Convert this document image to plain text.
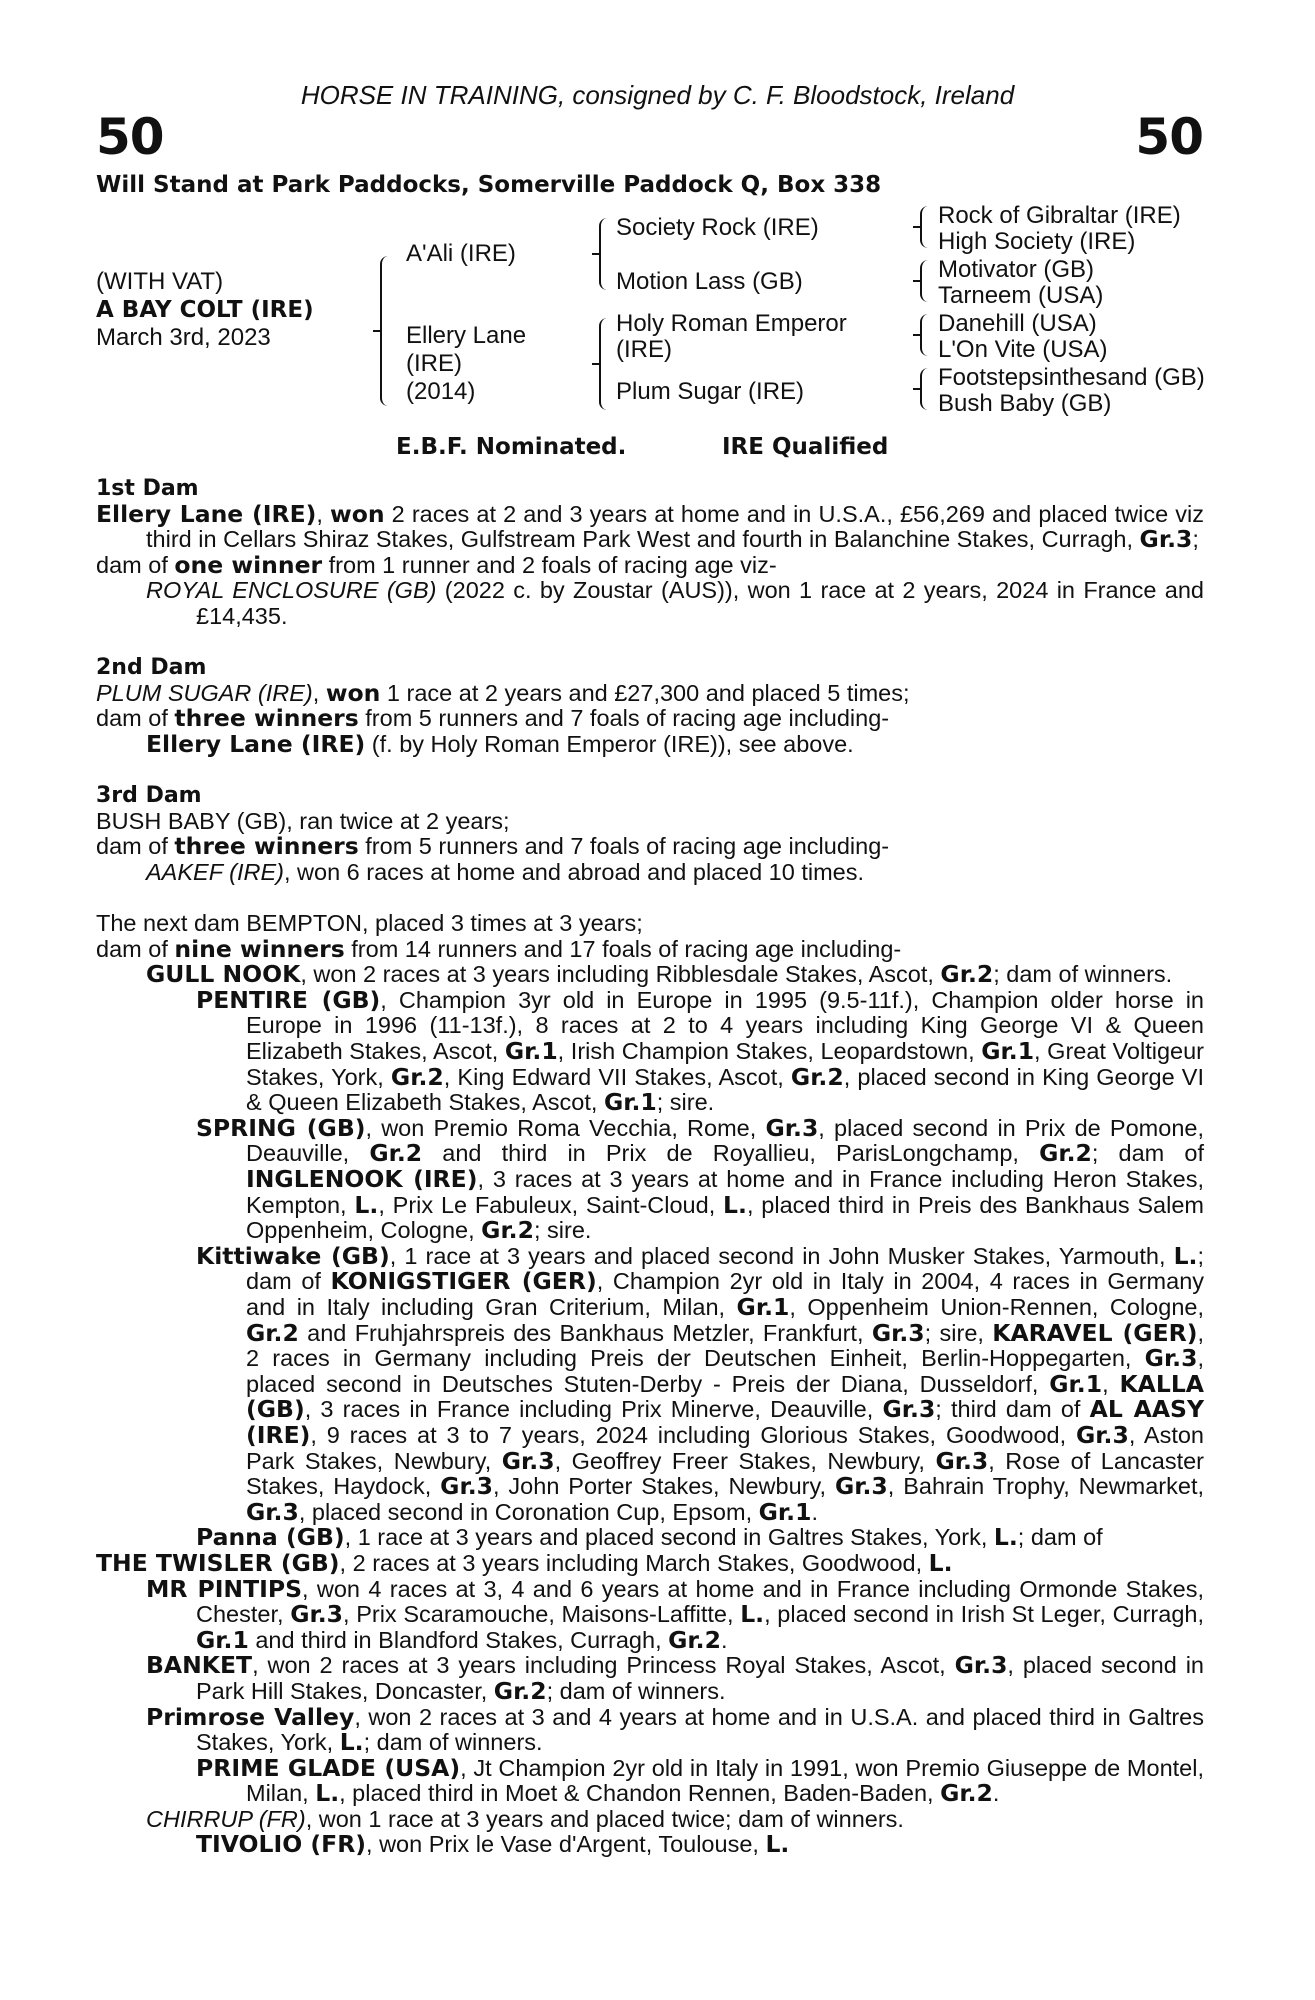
HORSE IN TRAINING, consigned by C. F. Bloodstock, Ireland
50	50
Will Stand at Park Paddocks, Somerville Paddock Q, Box 338
(WITH VAT)
A BAY COLT (IRE)
March 3rd, 2023
A'Ali (IRE)
Ellery Lane
(IRE)
(2014)
Society Rock (IRE)
Motion Lass (GB)
Holy Roman Emperor
(IRE)
Plum Sugar (IRE)
Rock of Gibraltar (IRE)
High Society (IRE)
Motivator (GB)
Tarneem (USA)
Danehill (USA)
L'On Vite (USA)
Footstepsinthesand (GB)
Bush Baby (GB)
E.B.F. Nominated.	IRE Qualified

1st Dam

Ellery Lane (IRE), won 2 races at 2 and 3 years at home and in U.S.A., £56,269 and placed twice viz third in Cellars Shiraz Stakes, Gulfstream Park West and fourth in Balanchine Stakes, Curragh, Gr.3;

dam of one winner from 1 runner and 2 foals of racing age viz-

ROYAL ENCLOSURE (GB) (2022 c. by Zoustar (AUS)), won 1 race at 2 years, 2024 in France and £14,435.

2nd Dam

PLUM SUGAR (IRE), won 1 race at 2 years and £27,300 and placed 5 times;

dam of three winners from 5 runners and 7 foals of racing age including-

Ellery Lane (IRE) (f. by Holy Roman Emperor (IRE)), see above.

3rd Dam

BUSH BABY (GB), ran twice at 2 years;

dam of three winners from 5 runners and 7 foals of racing age including-

AAKEF (IRE), won 6 races at home and abroad and placed 10 times.

The next dam BEMPTON, placed 3 times at 3 years;

dam of nine winners from 14 runners and 17 foals of racing age including-

GULL NOOK, won 2 races at 3 years including Ribblesdale Stakes, Ascot, Gr.2; dam of winners.

PENTIRE (GB), Champion 3yr old in Europe in 1995 (9.5-11f.), Champion older horse in Europe in 1996 (11-13f.), 8 races at 2 to 4 years including King George VI & Queen Elizabeth Stakes, Ascot, Gr.1, Irish Champion Stakes, Leopardstown, Gr.1, Great Voltigeur Stakes, York, Gr.2, King Edward VII Stakes, Ascot, Gr.2, placed second in King George VI & Queen Elizabeth Stakes, Ascot, Gr.1; sire.

SPRING (GB), won Premio Roma Vecchia, Rome, Gr.3, placed second in Prix de Pomone, Deauville, Gr.2 and third in Prix de Royallieu, ParisLongchamp, Gr.2; dam of INGLENOOK (IRE), 3 races at 3 years at home and in France including Heron Stakes, Kempton, L., Prix Le Fabuleux, Saint-Cloud, L., placed third in Preis des Bankhaus Salem Oppenheim, Cologne, Gr.2; sire.

Kittiwake (GB), 1 race at 3 years and placed second in John Musker Stakes, Yarmouth, L.; dam of KONIGSTIGER (GER), Champion 2yr old in Italy in 2004, 4 races in Germany and in Italy including Gran Criterium, Milan, Gr.1, Oppenheim Union-Rennen, Cologne, Gr.2 and Fruhjahrspreis des Bankhaus Metzler, Frankfurt, Gr.3; sire, KARAVEL (GER), 2 races in Germany including Preis der Deutschen Einheit, Berlin-Hoppegarten, Gr.3, placed second in Deutsches Stuten-Derby - Preis der Diana, Dusseldorf, Gr.1, KALLA (GB), 3 races in France including Prix Minerve, Deauville, Gr.3; third dam of AL AASY (IRE), 9 races at 3 to 7 years, 2024 including Glorious Stakes, Goodwood, Gr.3, Aston Park Stakes, Newbury, Gr.3, Geoffrey Freer Stakes, Newbury, Gr.3, Rose of Lancaster Stakes, Haydock, Gr.3, John Porter Stakes, Newbury, Gr.3, Bahrain Trophy, Newmarket, Gr.3, placed second in Coronation Cup, Epsom, Gr.1.

Panna (GB), 1 race at 3 years and placed second in Galtres Stakes, York, L.; dam of

THE TWISLER (GB), 2 races at 3 years including March Stakes, Goodwood, L.

MR PINTIPS, won 4 races at 3, 4 and 6 years at home and in France including Ormonde Stakes, Chester, Gr.3, Prix Scaramouche, Maisons-Laffitte, L., placed second in Irish St Leger, Curragh, Gr.1 and third in Blandford Stakes, Curragh, Gr.2.

BANKET, won 2 races at 3 years including Princess Royal Stakes, Ascot, Gr.3, placed second in Park Hill Stakes, Doncaster, Gr.2; dam of winners.

Primrose Valley, won 2 races at 3 and 4 years at home and in U.S.A. and placed third in Galtres Stakes, York, L.; dam of winners.

PRIME GLADE (USA), Jt Champion 2yr old in Italy in 1991, won Premio Giuseppe de Montel, Milan, L., placed third in Moet & Chandon Rennen, Baden-Baden, Gr.2.

CHIRRUP (FR), won 1 race at 3 years and placed twice; dam of winners.

TIVOLIO (FR), won Prix le Vase d'Argent, Toulouse, L.
